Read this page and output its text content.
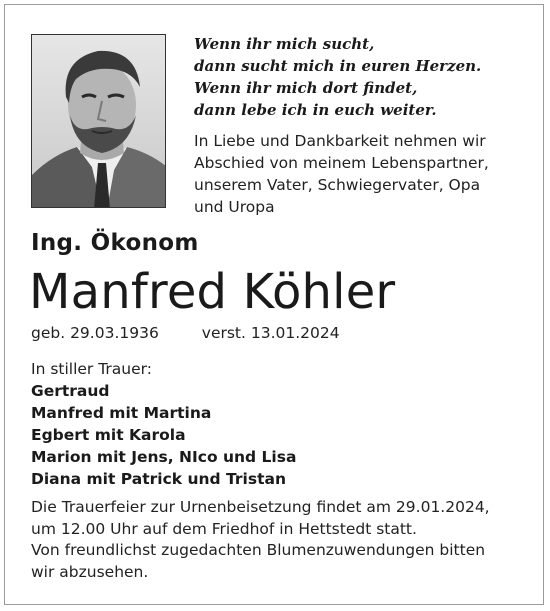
Wenn ihr mich sucht,
dann sucht mich in euren Herzen.
Wenn ihr mich dort findet,
dann lebe ich in euch weiter.
In Liebe und Dankbarkeit nehmen wir
Abschied von meinem Lebenspartner,
unserem Vater, Schwiegervater, Opa
und Uropa
Ing. Ökonom
Manfred Köhler
geb. 29.03.1936	verst. 13.01.2024
In stiller Trauer:
Gertraud
Manfred mit Martina
Egbert mit Karola
Marion mit Jens, NIco und Lisa
Diana mit Patrick und Tristan
Die Trauerfeier zur Urnenbeisetzung findet am 29.01.2024,
um 12.00 Uhr auf dem Friedhof in Hettstedt statt.
Von freundlichst zugedachten Blumenzuwendungen bitten
wir abzusehen.
